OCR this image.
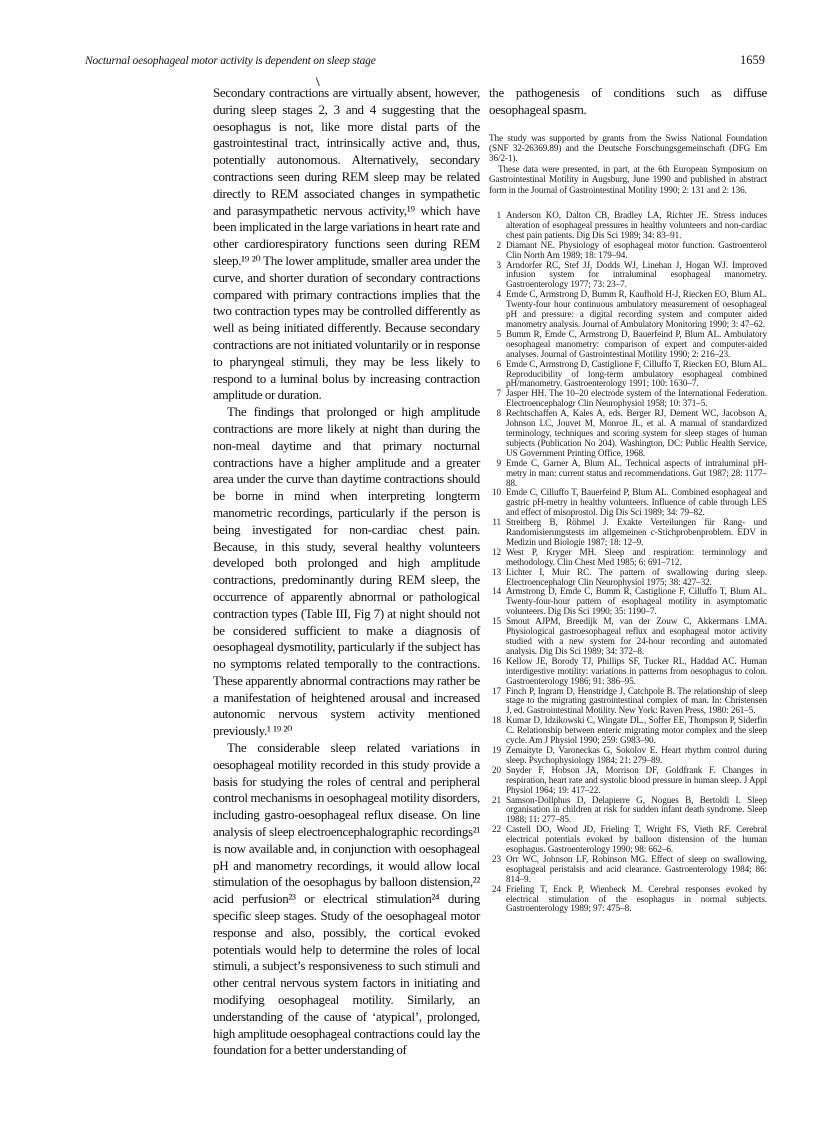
Nocturnal oesophageal motor activity is dependent on sleep stage	1659
\

Secondary contractions are virtually absent, however, during sleep stages 2, 3 and 4 suggesting that the oesophagus is not, like more distal parts of the gastrointestinal tract, intrinsically active and, thus, potentially autonomous. Alternatively, secondary contractions seen during REM sleep may be related directly to REM associated changes in sympathetic and parasympathetic nervous activity,¹⁹ which have been implicated in the large variations in heart rate and other cardiorespiratory functions seen during REM sleep.¹⁹ ²⁰ The lower amplitude, smaller area under the curve, and shorter duration of secondary contractions compared with primary contractions implies that the two contraction types may be controlled differently as well as being initiated differently. Because secondary contractions are not initiated voluntarily or in response to pharyngeal stimuli, they may be less likely to respond to a luminal bolus by increasing contraction amplitude or duration.

The findings that prolonged or high amplitude contractions are more likely at night than during the non-meal daytime and that primary nocturnal contractions have a higher amplitude and a greater area under the curve than daytime contractions should be borne in mind when interpreting longterm manometric recordings, particularly if the person is being investigated for non-cardiac chest pain. Because, in this study, several healthy volunteers developed both prolonged and high amplitude contractions, predominantly during REM sleep, the occurrence of apparently abnormal or pathological contraction types (Table III, Fig 7) at night should not be considered sufficient to make a diagnosis of oesophageal dysmotility, particularly if the subject has no symptoms related temporally to the contractions. These apparently abnormal contractions may rather be a manifestation of heightened arousal and increased autonomic nervous system activity mentioned previously.¹ ¹⁹ ²⁰

The considerable sleep related variations in oesophageal motility recorded in this study provide a basis for studying the roles of central and peripheral control mechanisms in oesophageal motility disorders, including gastro-oesophageal reflux disease. On line analysis of sleep electroencephalographic recordings²¹ is now available and, in conjunction with oesophageal pH and manometry recordings, it would allow local stimulation of the oesophagus by balloon distension,²² acid perfusion²³ or electrical stimulation²⁴ during specific sleep stages. Study of the oesophageal motor response and also, possibly, the cortical evoked potentials would help to determine the roles of local stimuli, a subject’s responsiveness to such stimuli and other central nervous system factors in initiating and modifying oesophageal motility. Similarly, an understanding of the cause of ‘atypical’, prolonged, high amplitude oesophageal contractions could lay the foundation for a better understanding of

the pathogenesis of conditions such as diffuse oesophageal spasm.

The study was supported by grants from the Swiss National Foundation (SNF 32-26369.89) and the Deutsche Forschungsgemeinschaft (DFG Em 36/2-1).

These data were presented, in part, at the 6th European Symposium on Gastrointestinal Motility in Augsburg, June 1990 and published in abstract form in the Journal of Gastrointestinal Motility 1990; 2: 131 and 2: 136.

1 Anderson KO, Dalton CB, Bradley LA, Richter JE. Stress induces alteration of esophageal pressures in healthy volunteers and non-cardiac chest pain patients. Dig Dis Sci 1989; 34: 83–91.
2 Diamant NE. Physiology of esophageal motor function. Gastroenterol Clin North Am 1989; 18: 179–94.
3 Arndorfer RC, Stef JJ, Dodds WJ, Linehan J, Hogan WJ. Improved infusion system for intraluminal esophageal manometry. Gastroenterology 1977; 73: 23–7.
4 Emde C, Armstrong D, Bumm R, Kaufhold H-J, Riecken EO, Blum AL. Twenty-four hour continuous ambulatory measurement of oesophageal pH and pressure: a digital recording system and computer aided manometry analysis. Journal of Ambulatory Monitoring 1990; 3: 47–62.
5 Bumm R, Emde C, Armstrong D, Bauerfeind P, Blum AL. Ambulatory oesophageal manometry: comparison of expert and computer-aided analyses. Journal of Gastrointestinal Motility 1990; 2: 216–23.
6 Emde C, Armstrong D, Castiglione F, Cilluffo T, Riecken EO, Blum AL. Reproducibility of long-term ambulatory esophageal combined pH/manometry. Gastroenterology 1991; 100: 1630–7.
7 Jasper HH. The 10–20 electrode system of the International Federation. Electroencephalogr Clin Neurophysiol 1958; 10: 371–5.
8 Rechtschaffen A, Kales A, eds. Berger RJ, Dement WC, Jacobson A, Johnson LC, Jouvet M, Monroe JL, et al. A manual of standardized terminology, techniques and scoring system for sleep stages of human subjects (Publication No 204). Washington, DC: Public Health Service, US Government Printing Office, 1968.
9 Emde C, Garner A, Blum AL. Technical aspects of intraluminal pH-metry in man: current status and recommendations. Gut 1987; 28: 1177–88.
10 Emde C, Cilluffo T, Bauerfeind P, Blum AL. Combined esophageal and gastric pH-metry in healthy volunteers. Influence of cable through LES and effect of misoprostol. Dig Dis Sci 1989; 34: 79–82.
11 Streitberg B, Röhmel J. Exakte Verteilungen für Rang- und Randomisierungstests im allgemeinen c-Stichprobenproblem. EDV in Medizin und Biologie 1987; 18: 12–9.
12 West P, Kryger MH. Sleep and respiration: terminology and methodology. Clin Chest Med 1985; 6: 691–712.
13 Lichter I, Muir RC. The pattern of swallowing during sleep. Electroencephalogr Clin Neurophysiol 1975; 38: 427–32.
14 Armstrong D, Emde C, Bumm R, Castiglione F, Cilluffo T, Blum AL. Twenty-four-hour pattern of esophageal motility in asymptomatic volunteers. Dig Dis Sci 1990; 35: 1190–7.
15 Smout AJPM, Breedijk M, van der Zouw C, Akkermans LMA. Physiological gastroesophageal reflux and esophageal motor activity studied with a new system for 24-hour recording and automated analysis. Dig Dis Sci 1989; 34: 372–8.
16 Kellow JE, Borody TJ, Phillips SF, Tucker RL, Haddad AC. Human interdigestive motility: variations in patterns from oesophagus to colon. Gastroenterology 1986; 91: 386–95.
17 Finch P, Ingram D, Henstridge J, Catchpole B. The relationship of sleep stage to the migrating gastrointestinal complex of man. In: Christensen J, ed. Gastrointestinal Motility. New York: Raven Press, 1980: 261–5.
18 Kumar D, Idzikowski C, Wingate DL., Soffer EE, Thompson P, Siderfin C. Relationship between enteric migrating motor complex and the sleep cycle. Am J Physiol 1990; 259: G983–90.
19 Zemaityte D, Varoneckas G, Sokolov E. Heart rhythm control during sleep. Psychophysiology 1984; 21: 279–89.
20 Snyder F, Hobson JA, Morrison DF, Goldfrank F. Changes in respiration, heart rate and systolic blood pressure in human sleep. J Appl Physiol 1964; 19: 417–22.
21 Samson-Dollphus D, Delapierre G, Nogues B, Bertoldi I. Sleep organisation in children at risk for sudden infant death syndrome. Sleep 1988; 11: 277–85.
22 Castell DO, Wood JD, Frieling T, Wright FS, Vieth RF. Cerebral electrical potentials evoked by balloon distension of the human esophagus. Gastroenterology 1990; 98: 662–6.
23 Orr WC, Johnson LF, Robinson MG. Effect of sleep on swallowing, esophageal peristalsis and acid clearance. Gastroenterology 1984; 86: 814–9.
24 Frieling T, Enck P, Wienbeck M. Cerebral responses evoked by electrical stimulation of the esophagus in normal subjects. Gastroenterology 1989; 97: 475–8.
